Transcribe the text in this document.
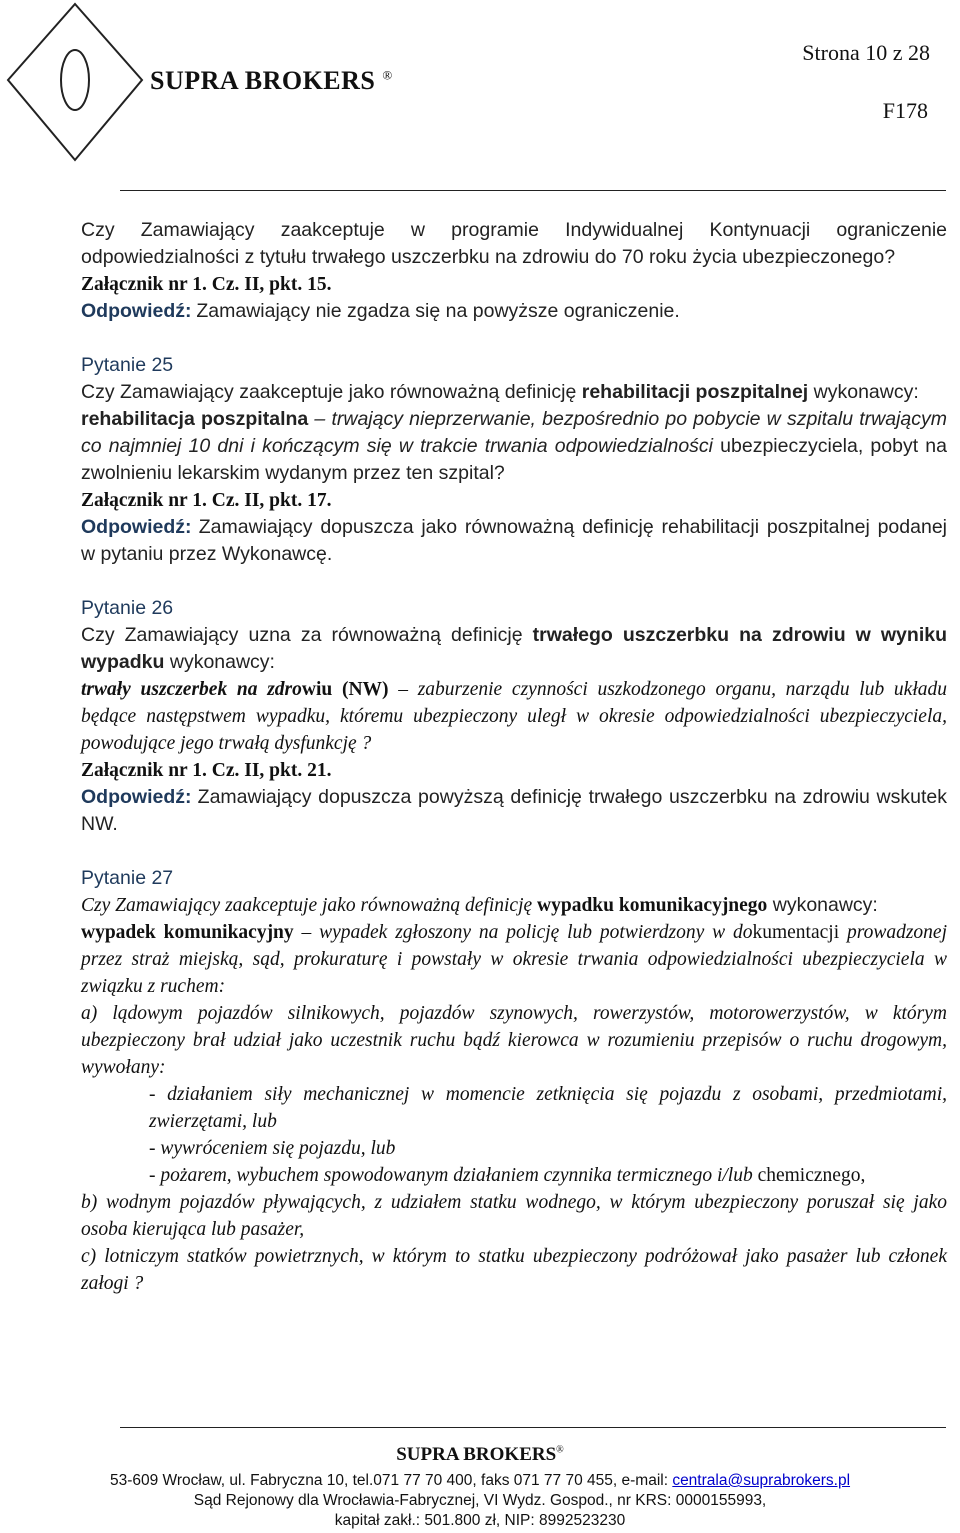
SUPRA BROKERS ®
Strona 10 z 28
F178

Czy Zamawiający zaakceptuje w programie Indywidualnej Kontynuacji ograniczenie odpowiedzialności z tytułu trwałego uszczerbku na zdrowiu do 70 roku życia ubezpieczonego?

Załącznik nr 1. Cz. II, pkt. 15.

Odpowiedź: Zamawiający nie zgadza się na powyższe ograniczenie.

Pytanie 25

Czy Zamawiający zaakceptuje jako równoważną definicję rehabilitacji poszpitalnej wykonawcy:

rehabilitacja poszpitalna – trwający nieprzerwanie, bezpośrednio po pobycie w szpitalu trwającym co najmniej 10 dni i kończącym się w trakcie trwania odpowiedzialności ubezpieczyciela, pobyt na zwolnieniu lekarskim wydanym przez ten szpital?

Załącznik nr 1. Cz. II, pkt. 17.

Odpowiedź: Zamawiający dopuszcza jako równoważną definicję rehabilitacji poszpitalnej podanej w pytaniu przez Wykonawcę.

Pytanie 26

Czy Zamawiający uzna za równoważną definicję trwałego uszczerbku na zdrowiu w wyniku wypadku wykonawcy:

trwały uszczerbek na zdrowiu (NW) – zaburzenie czynności uszkodzonego organu, narządu lub układu będące następstwem wypadku, któremu ubezpieczony uległ w okresie odpowiedzialności ubezpieczyciela, powodujące jego trwałą dysfunkcję ?

Załącznik nr 1. Cz. II, pkt. 21.

Odpowiedź: Zamawiający dopuszcza powyższą definicję trwałego uszczerbku na zdrowiu wskutek NW.

Pytanie 27

Czy Zamawiający zaakceptuje jako równoważną definicję wypadku komunikacyjnego wykonawcy:

wypadek komunikacyjny – wypadek zgłoszony na policję lub potwierdzony w dokumentacji prowadzonej przez straż miejską, sąd, prokuraturę i powstały w okresie trwania odpowiedzialności ubezpieczyciela w związku z ruchem:

a) lądowym pojazdów silnikowych, pojazdów szynowych, rowerzystów, motorowerzystów, w którym ubezpieczony brał udział jako uczestnik ruchu bądź kierowca w rozumieniu przepisów o ruchu drogowym, wywołany:

- działaniem siły mechanicznej w momencie zetknięcia się pojazdu z osobami, przedmiotami, zwierzętami, lub

- wywróceniem się pojazdu, lub

- pożarem, wybuchem spowodowanym działaniem czynnika termicznego i/lub chemicznego,

b) wodnym pojazdów pływających, z udziałem statku wodnego, w którym ubezpieczony poruszał się jako osoba kierująca lub pasażer,

c) lotniczym statków powietrznych, w którym to statku ubezpieczony podróżował jako pasażer lub członek załogi ?

SUPRA BROKERS®
53-609 Wrocław, ul. Fabryczna 10, tel.071 77 70 400, faks 071 77 70 455, e-mail: centrala@suprabrokers.pl
Sąd Rejonowy dla Wrocławia-Fabrycznej, VI Wydz. Gospod., nr KRS: 0000155993,
kapitał zakł.: 501.800 zł, NIP: 8992523230
